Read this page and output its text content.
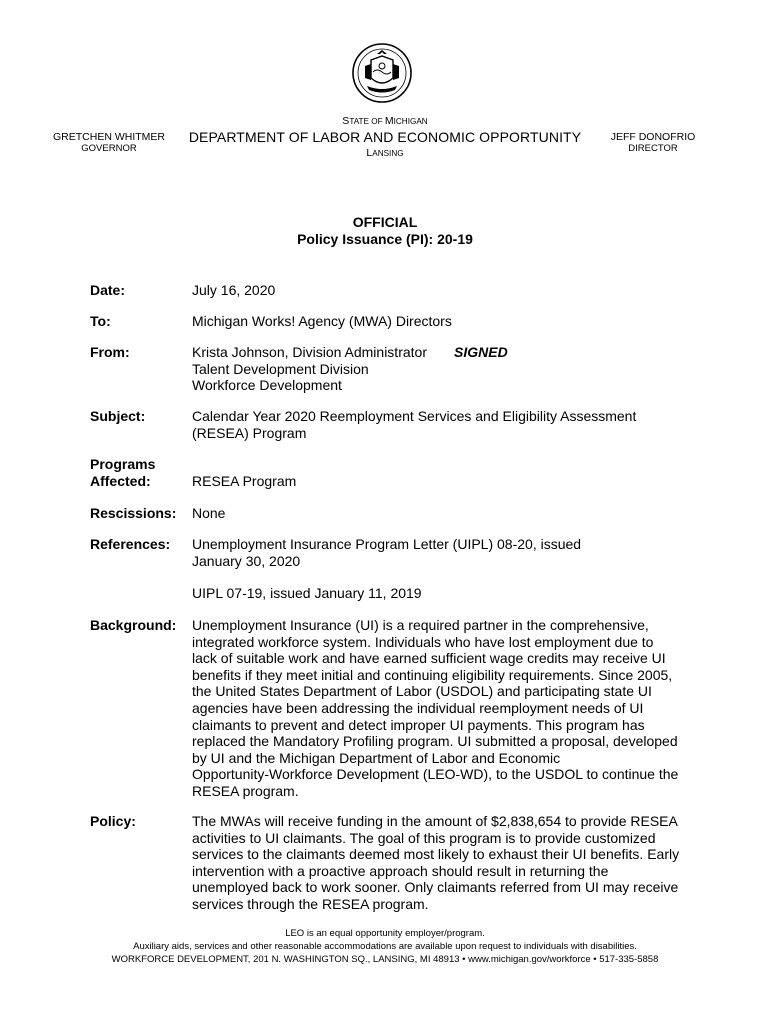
STATE OF MICHIGAN
DEPARTMENT OF LABOR AND ECONOMIC OPPORTUNITY
LANSING
GRETCHEN WHITMER
GOVERNOR
JEFF DONOFRIO
DIRECTOR
OFFICIAL
Policy Issuance (PI): 20-19
Date:	July 16, 2020
To:	Michigan Works! Agency (MWA) Directors
From:	Krista Johnson, Division Administrator
Talent Development Division
Workforce Development
SIGNED
Subject:	Calendar Year 2020 Reemployment Services and Eligibility Assessment
(RESEA) Program
Programs
Affected:	RESEA Program
Rescissions:	None
References:	Unemployment Insurance Program Letter (UIPL) 08-20, issued
January 30, 2020
UIPL 07-19, issued January 11, 2019
Background:	Unemployment Insurance (UI) is a required partner in the comprehensive,
integrated workforce system. Individuals who have lost employment due to
lack of suitable work and have earned sufficient wage credits may receive UI
benefits if they meet initial and continuing eligibility requirements. Since 2005,
the United States Department of Labor (USDOL) and participating state UI
agencies have been addressing the individual reemployment needs of UI
claimants to prevent and detect improper UI payments. This program has
replaced the Mandatory Profiling program. UI submitted a proposal, developed
by UI and the Michigan Department of Labor and Economic
Opportunity-Workforce Development (LEO-WD), to the USDOL to continue the
RESEA program.
Policy:	The MWAs will receive funding in the amount of $2,838,654 to provide RESEA
activities to UI claimants. The goal of this program is to provide customized
services to the claimants deemed most likely to exhaust their UI benefits. Early
intervention with a proactive approach should result in returning the
unemployed back to work sooner. Only claimants referred from UI may receive
services through the RESEA program.
LEO is an equal opportunity employer/program.
Auxiliary aids, services and other reasonable accommodations are available upon request to individuals with disabilities.
WORKFORCE DEVELOPMENT, 201 N. WASHINGTON SQ., LANSING, MI 48913 • www.michigan.gov/workforce • 517-335-5858
